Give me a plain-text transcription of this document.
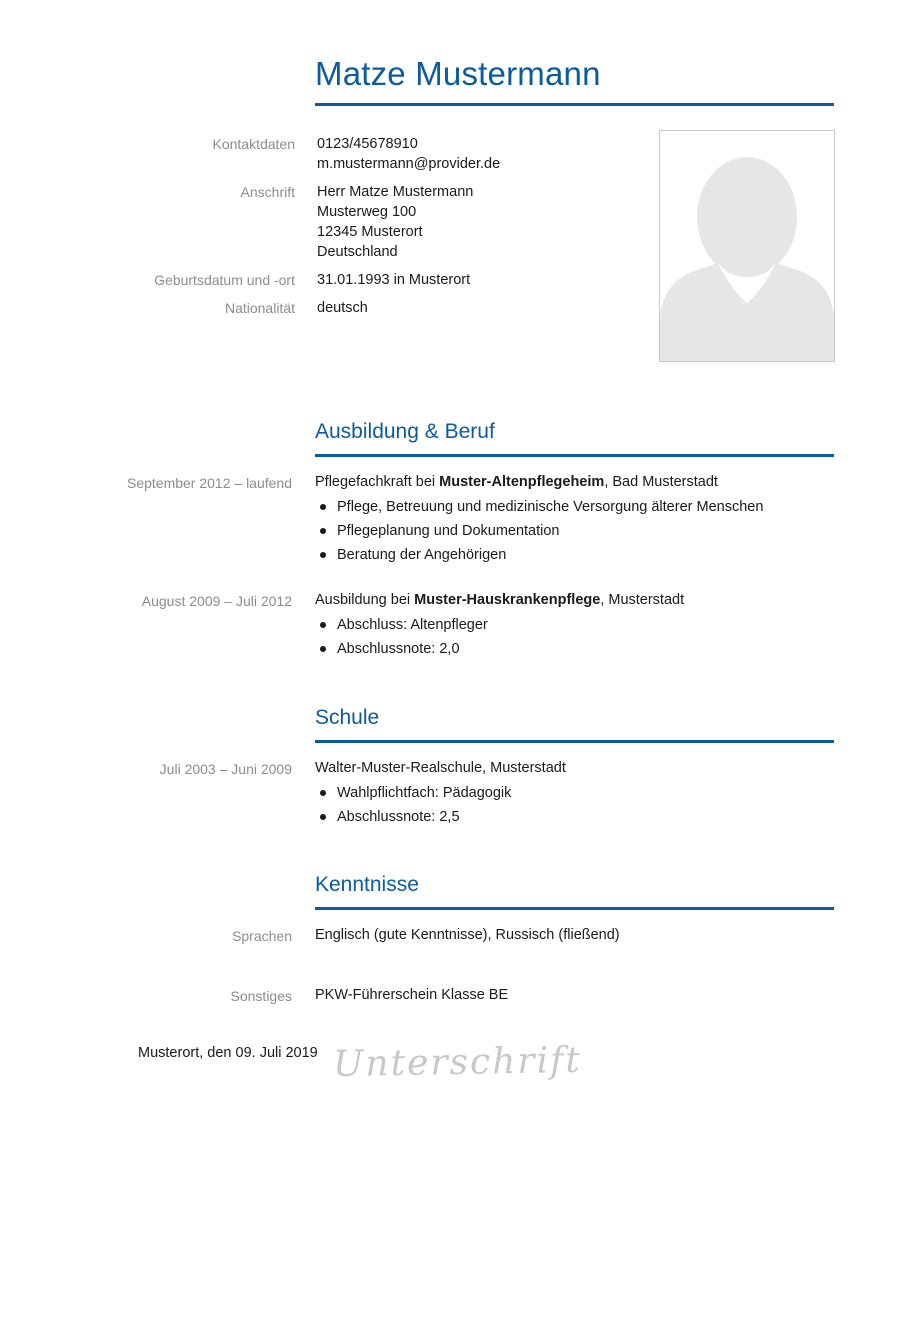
Matze Mustermann
Kontaktdaten 0123/45678910
m.mustermann@provider.de
Anschrift Herr Matze Mustermann
Musterweg 100
12345 Musterort
Deutschland
Geburtsdatum und -ort 31.01.1993 in Musterort
Nationalität deutsch
Ausbildung & Beruf
September 2012 – laufend Pflegefachkraft bei Muster-Altenpflegeheim, Bad Musterstadt
Pflege, Betreuung und medizinische Versorgung älterer Menschen
Pflegeplanung und Dokumentation
Beratung der Angehörigen
August 2009 – Juli 2012 Ausbildung bei Muster-Hauskrankenpflege, Musterstadt
Abschluss: Altenpfleger
Abschlussnote: 2,0
Schule
Juli 2003 – Juni 2009 Walter-Muster-Realschule, Musterstadt
Wahlpflichtfach: Pädagogik
Abschlussnote: 2,5
Kenntnisse
Sprachen Englisch (gute Kenntnisse), Russisch (fließend)
Sonstiges PKW-Führerschein Klasse BE
Musterort, den 09. Juli 2019 Unterschrift
